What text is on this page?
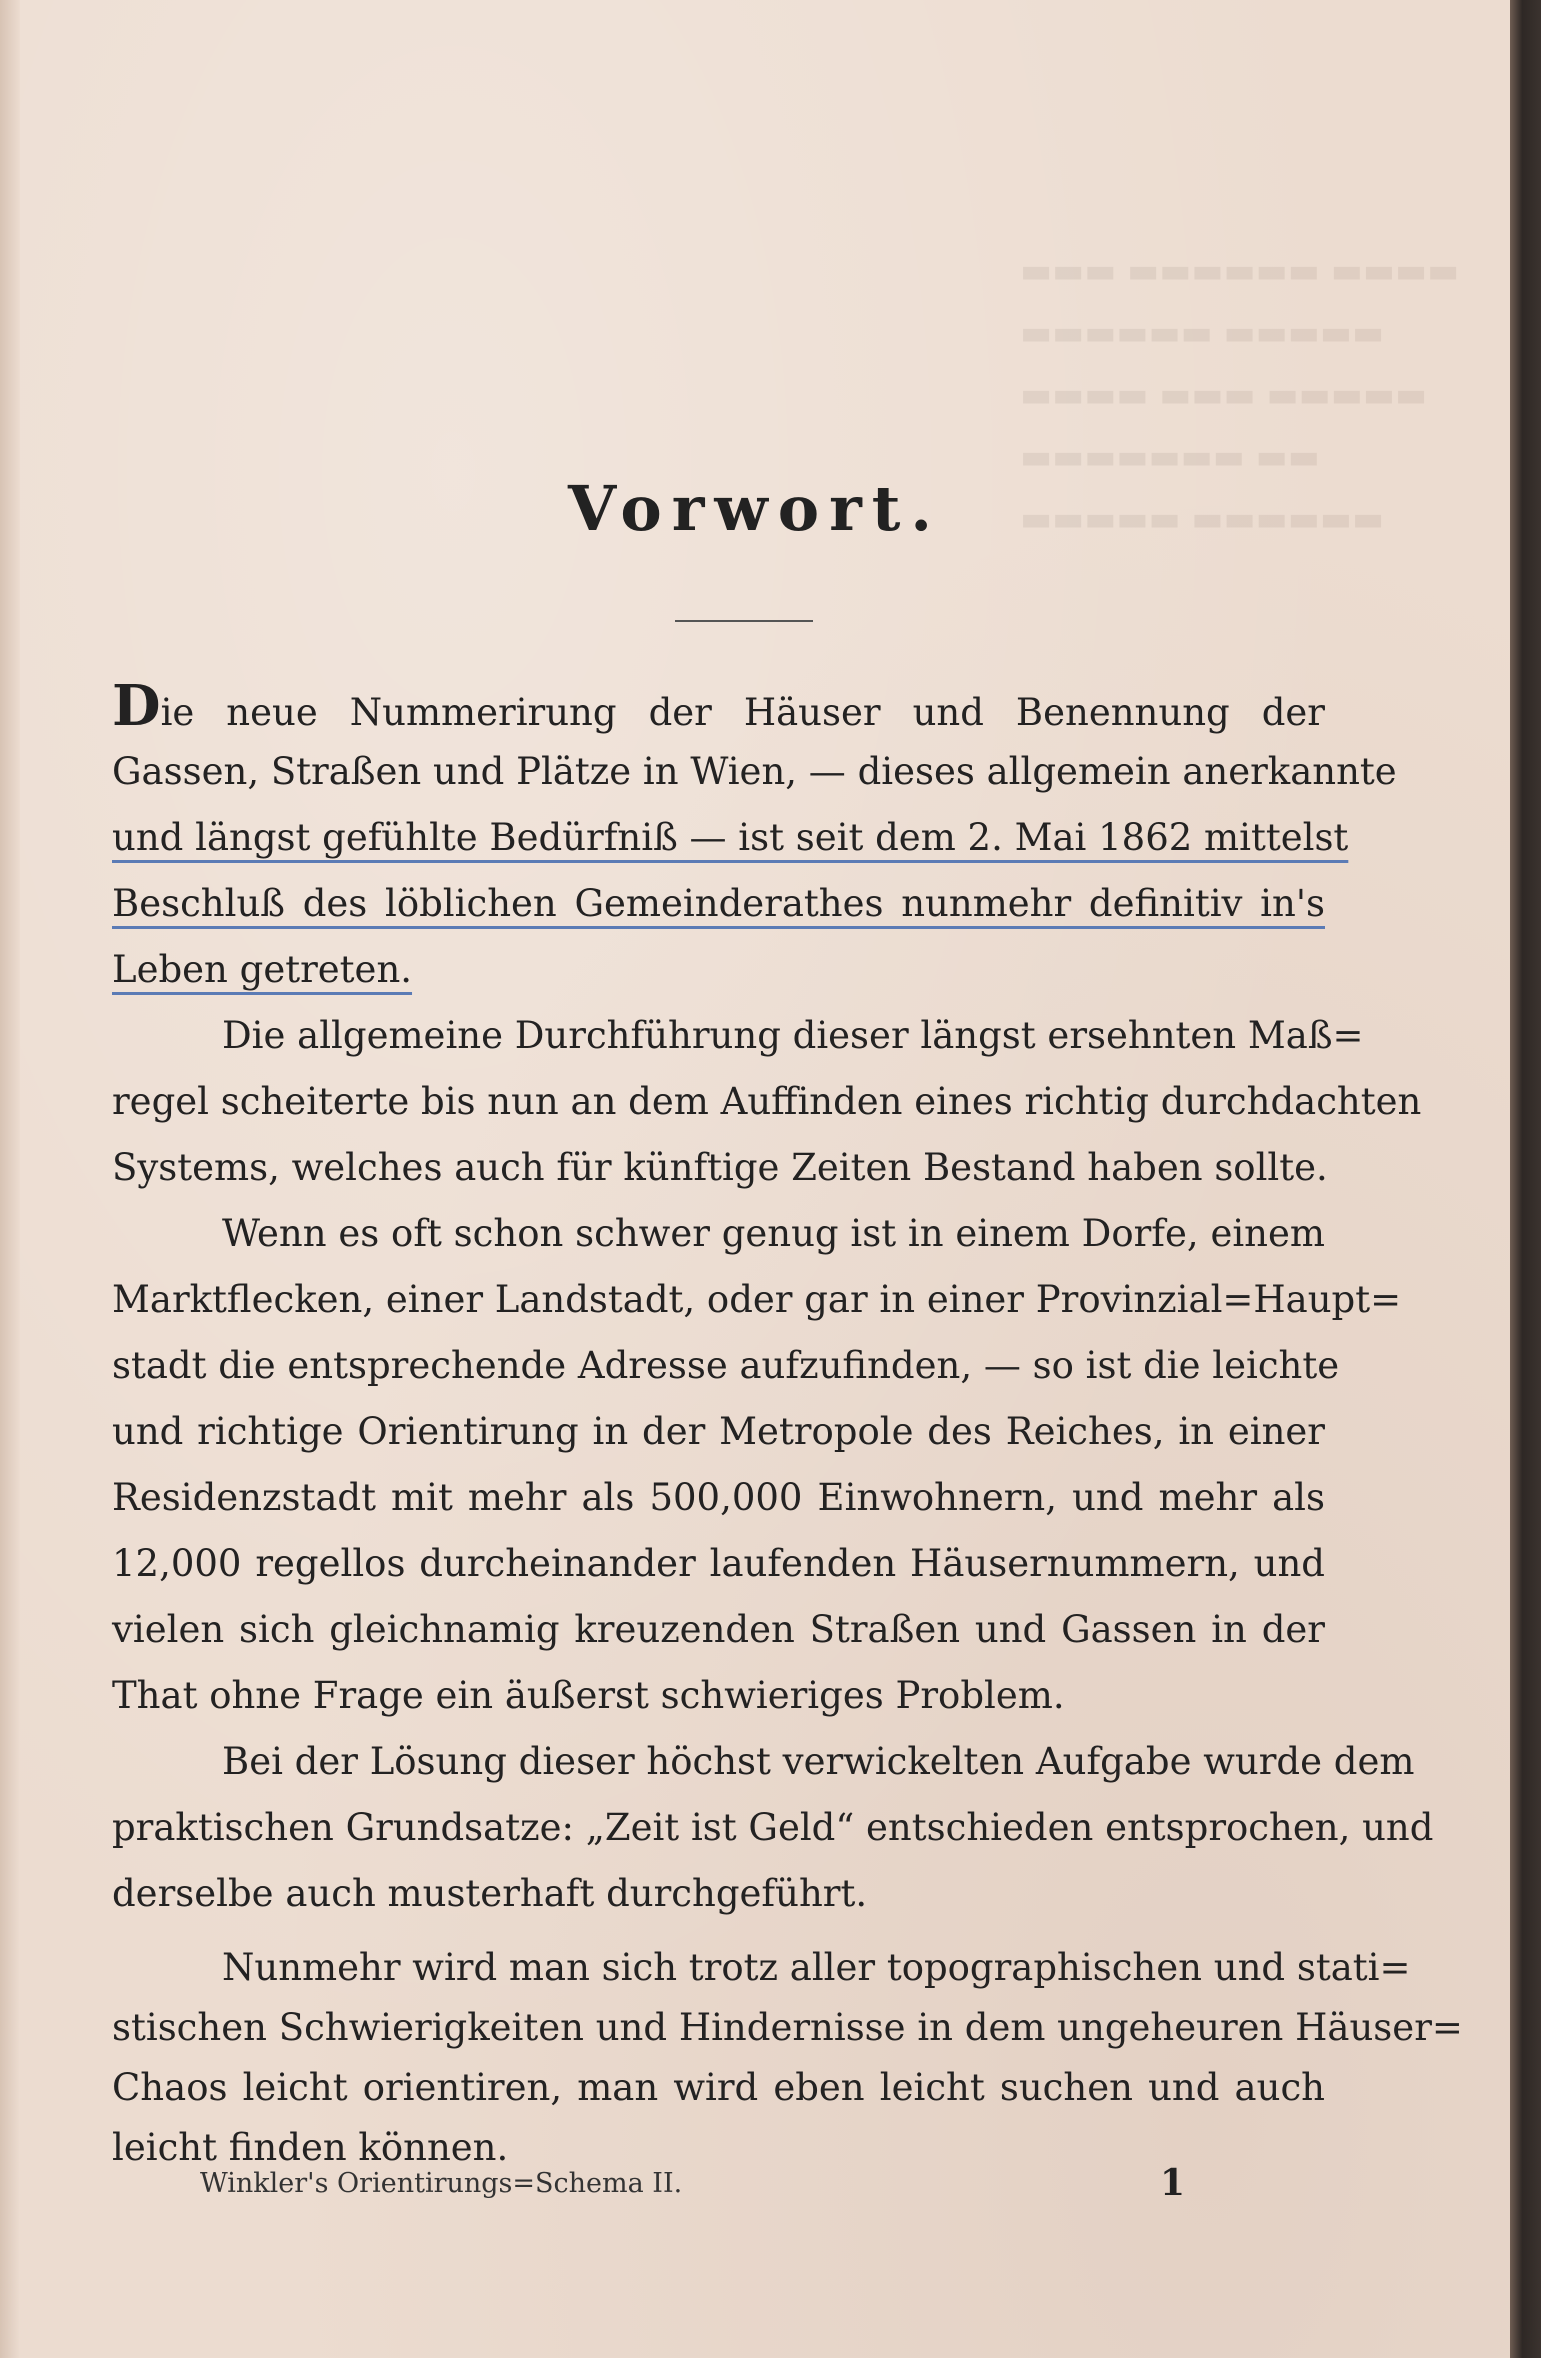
▬▬▬ ▬▬▬▬▬▬ ▬▬▬▬
▬▬▬▬▬▬ ▬▬▬▬▬
▬▬▬▬ ▬▬▬ ▬▬▬▬▬
▬▬▬▬▬▬▬ ▬▬
▬▬▬▬▬ ▬▬▬▬▬▬
Vorwort.
Die neue Nummerirung der Häuser und Benennung der
Gassen, Straßen und Plätze in Wien, — dieses allgemein anerkannte
und längst gefühlte Bedürfniß — ist seit dem 2. Mai 1862 mittelst
Beschluß des löblichen Gemeinderathes nunmehr definitiv in's
Leben getreten.
Die allgemeine Durchführung dieser längst ersehnten Maß=
regel scheiterte bis nun an dem Auffinden eines richtig durchdachten
Systems, welches auch für künftige Zeiten Bestand haben sollte.
Wenn es oft schon schwer genug ist in einem Dorfe, einem
Marktflecken, einer Landstadt, oder gar in einer Provinzial=Haupt=
stadt die entsprechende Adresse aufzufinden, — so ist die leichte
und richtige Orientirung in der Metropole des Reiches, in einer
Residenzstadt mit mehr als 500,000 Einwohnern, und mehr als
12,000 regellos durcheinander laufenden Häusernummern, und
vielen sich gleichnamig kreuzenden Straßen und Gassen in der
That ohne Frage ein äußerst schwieriges Problem.
Bei der Lösung dieser höchst verwickelten Aufgabe wurde dem
praktischen Grundsatze: „Zeit ist Geld“ entschieden entsprochen, und
derselbe auch musterhaft durchgeführt.
Nunmehr wird man sich trotz aller topographischen und stati=
stischen Schwierigkeiten und Hindernisse in dem ungeheuren Häuser=
Chaos leicht orientiren, man wird eben leicht suchen und auch
leicht finden können.
Winkler's Orientirungs=Schema II.	1
